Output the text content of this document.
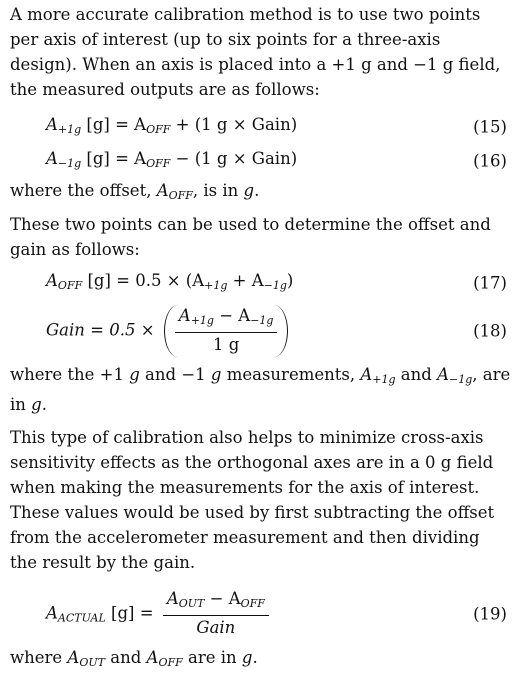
A more accurate calibration method is to use two points per axis of interest (up to six points for a three-axis design). When an axis is placed into a +1 g and −1 g field, the measured outputs are as follows:

$A_{+1g}$ $[g] = A_{OFF} + (1$ g × Gain)	(15)
$A_{-1g}$ $[g] = A_{OFF} - (1$ g × Gain)	(16)

where the offset, $A_{OFF}$, is in g.

These two points can be used to determine the offset and gain as follows:

$A_{OFF}$ $[g] = 0.5 \times (A_{+1g} + A_{-1g})$	(17)
Gain = $0.5 \times \frac{A_{+1g} - A_{-1g}}{1 g}$	(18)

where the +1 g and −1 g measurements, $A_{+1g}$ and $A_{-1g}$, are in g.

This type of calibration also helps to minimize cross-axis sensitivity effects as the orthogonal axes are in a 0 g field when making the measurements for the axis of interest. These values would be used by first subtracting the offset from the accelerometer measurement and then dividing the result by the gain.

$A_{ACTUAL}$ $[g] = \frac{A_{OUT} - A_{OFF}}{\text{Gain}}$	(19)

where $A_{OUT}$ and $A_{OFF}$ are in g.
